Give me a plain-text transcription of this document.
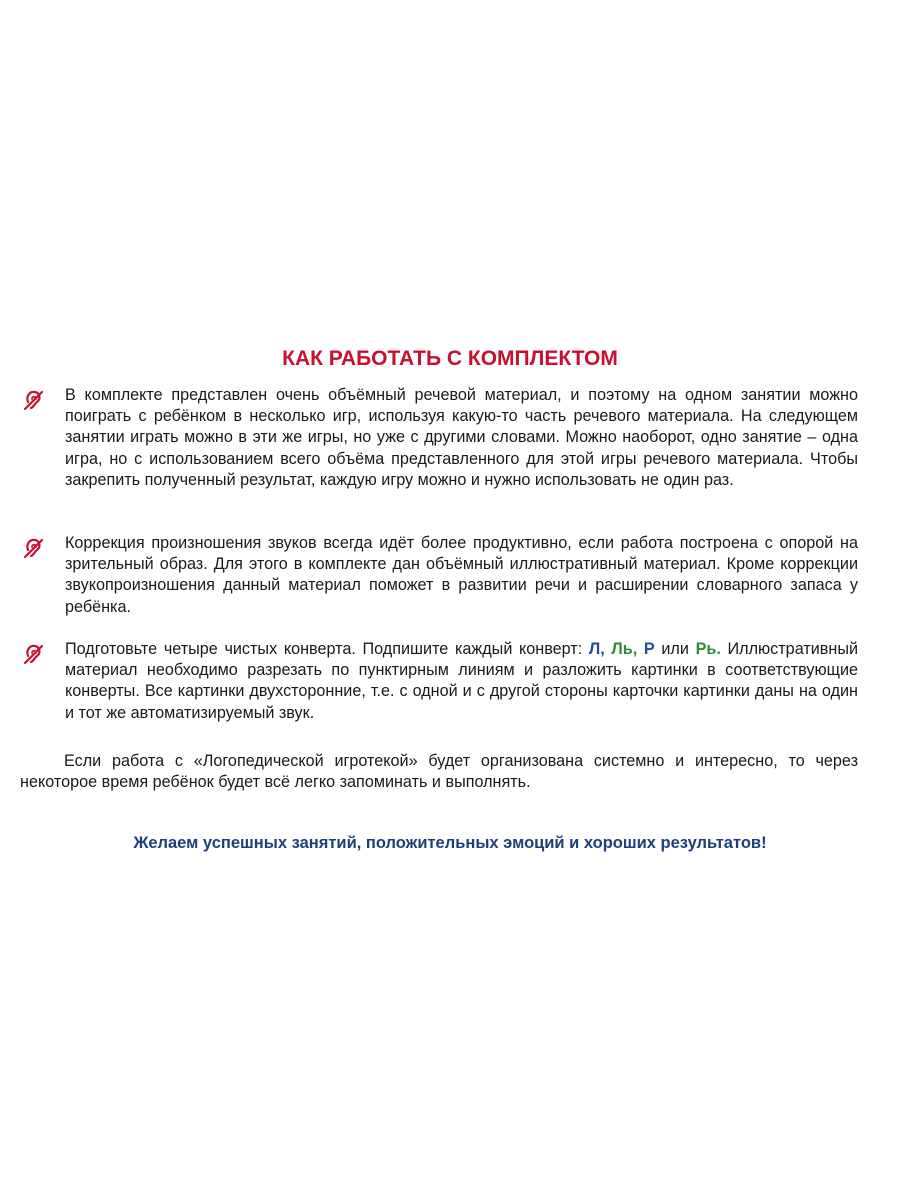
КАК РАБОТАТЬ С КОМПЛЕКТОМ
В комплекте представлен очень объёмный речевой материал, и поэтому на одном занятии можно поиграть с ребёнком в несколько игр, используя какую-то часть речевого материала. На следующем занятии играть можно в эти же игры, но уже с другими словами. Можно наоборот, одно занятие – одна игра, но с использованием всего объёма представленного для этой игры речевого материала. Чтобы закрепить полученный результат, каждую игру можно и нужно использовать не один раз.
Коррекция произношения звуков всегда идёт более продуктивно, если работа построена с опорой на зрительный образ. Для этого в комплекте дан объёмный иллюстративный материал. Кроме коррекции звукопроизношения данный материал поможет в развитии речи и расширении словарного запаса у ребёнка.
Подготовьте четыре чистых конверта. Подпишите каждый конверт: Л, Ль, Р или Рь. Иллюстративный материал необходимо разрезать по пунктирным линиям и разложить картинки в соответствующие конверты. Все картинки двухсторонние, т.е. с одной и с другой стороны карточки картинки даны на один и тот же автоматизируемый звук.

Если работа с «Логопедической игротекой» будет организована системно и интересно, то через некоторое время ребёнок будет всё легко запоминать и выполнять.

Желаем успешных занятий, положительных эмоций и хороших результатов!
